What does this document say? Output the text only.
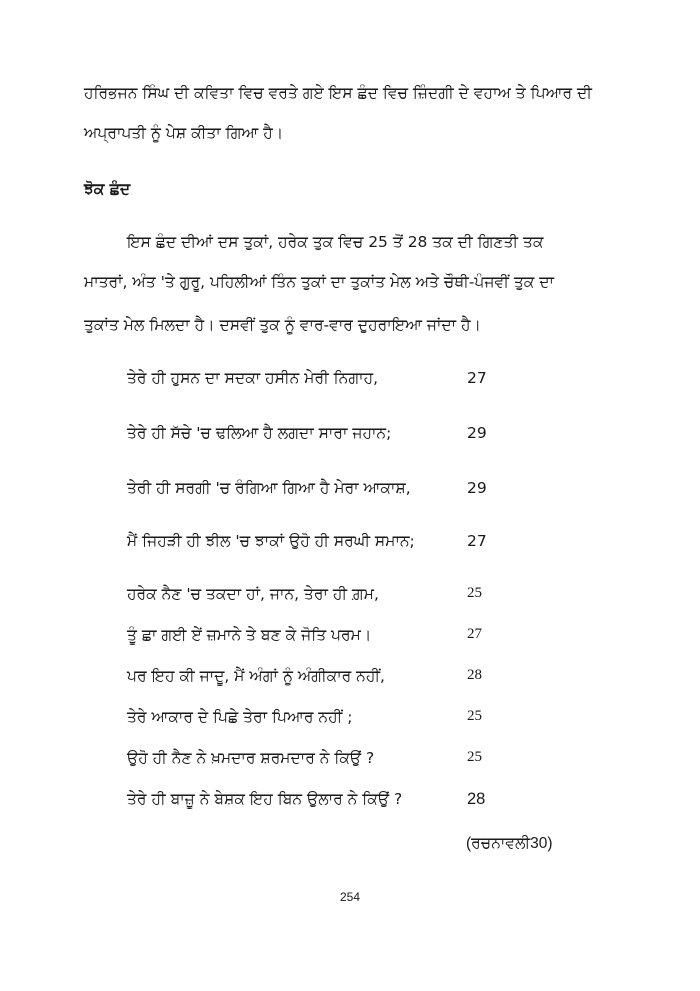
ਹਰਿਭਜਨ ਸਿੰਘ ਦੀ ਕਵਿਤਾ ਵਿਚ ਵਰਤੇ ਗਏ ਇਸ ਛੰਦ ਵਿਚ ਜ਼ਿੰਦਗੀ ਦੇ ਵਹਾਅ ਤੇ ਪਿਆਰ ਦੀ
ਅਪ੍ਰਾਪਤੀ ਨੂੰ ਪੇਸ਼ ਕੀਤਾ ਗਿਆ ਹੈ।
ਝੋਕ ਛੰਦ
ਇਸ ਛੰਦ ਦੀਆਂ ਦਸ ਤੁਕਾਂ, ਹਰੇਕ ਤੁਕ ਵਿਚ 25 ਤੋਂ 28 ਤਕ ਦੀ ਗਿਣਤੀ ਤਕ
ਮਾਤਰਾਂ, ਅੰਤ 'ਤੇ ਗੁਰੂ, ਪਹਿਲੀਆਂ ਤਿੰਨ ਤੁਕਾਂ ਦਾ ਤੁਕਾਂਤ ਮੇਲ ਅਤੇ ਚੌਥੀ-ਪੰਜਵੀਂ ਤੁਕ ਦਾ
ਤੁਕਾਂਤ ਮੇਲ ਮਿਲਦਾ ਹੈ। ਦਸਵੀਂ ਤੁਕ ਨੂੰ ਵਾਰ-ਵਾਰ ਦੁਹਰਾਇਆ ਜਾਂਦਾ ਹੈ।
ਤੇਰੇ ਹੀ ਹੁਸਨ ਦਾ ਸਦਕਾ ਹਸੀਨ ਮੇਰੀ ਨਿਗਾਹ,	27
ਤੇਰੇ ਹੀ ਸੱਚੇ 'ਚ ਢਲਿਆ ਹੈ ਲਗਦਾ ਸਾਰਾ ਜਹਾਨ;	29
ਤੇਰੀ ਹੀ ਸਰਗੀ 'ਚ ਰੰਗਿਆ ਗਿਆ ਹੈ ਮੇਰਾ ਆਕਾਸ਼,	29
ਮੈਂ ਜਿਹੜੀ ਹੀ ਝੀਲ 'ਚ ਝਾਕਾਂ ਉਹੋ ਹੀ ਸਰਘੀ ਸਮਾਨ;	27
ਹਰੇਕ ਨੈਣ 'ਚ ਤਕਦਾ ਹਾਂ, ਜਾਨ, ਤੇਰਾ ਹੀ ਗ਼ਮ,	25
ਤੂੰ ਛਾ ਗਈ ਏਂ ਜ਼ਮਾਨੇ ਤੇ ਬਣ ਕੇ ਜੋਤਿ ਪਰਮ।	27
ਪਰ ਇਹ ਕੀ ਜਾਦੂ, ਮੈਂ ਅੰਗਾਂ ਨੂੰ ਅੰਗੀਕਾਰ ਨਹੀਂ,	28
ਤੇਰੇ ਆਕਾਰ ਦੇ ਪਿਛੇ ਤੇਰਾ ਪਿਆਰ ਨਹੀਂ ;	25
ਉਹੋ ਹੀ ਨੈਣ ਨੇ ਖ਼ਮਦਾਰ ਸ਼ਰਮਦਾਰ ਨੇ ਕਿਉਂ ?	25
ਤੇਰੇ ਹੀ ਬਾਜ਼ੂ ਨੇ ਬੇਸ਼ਕ ਇਹ ਬਿਨ ਉਲਾਰ ਨੇ ਕਿਉਂ ?	28
(ਰਚਨਾਵਲੀ30)
254
